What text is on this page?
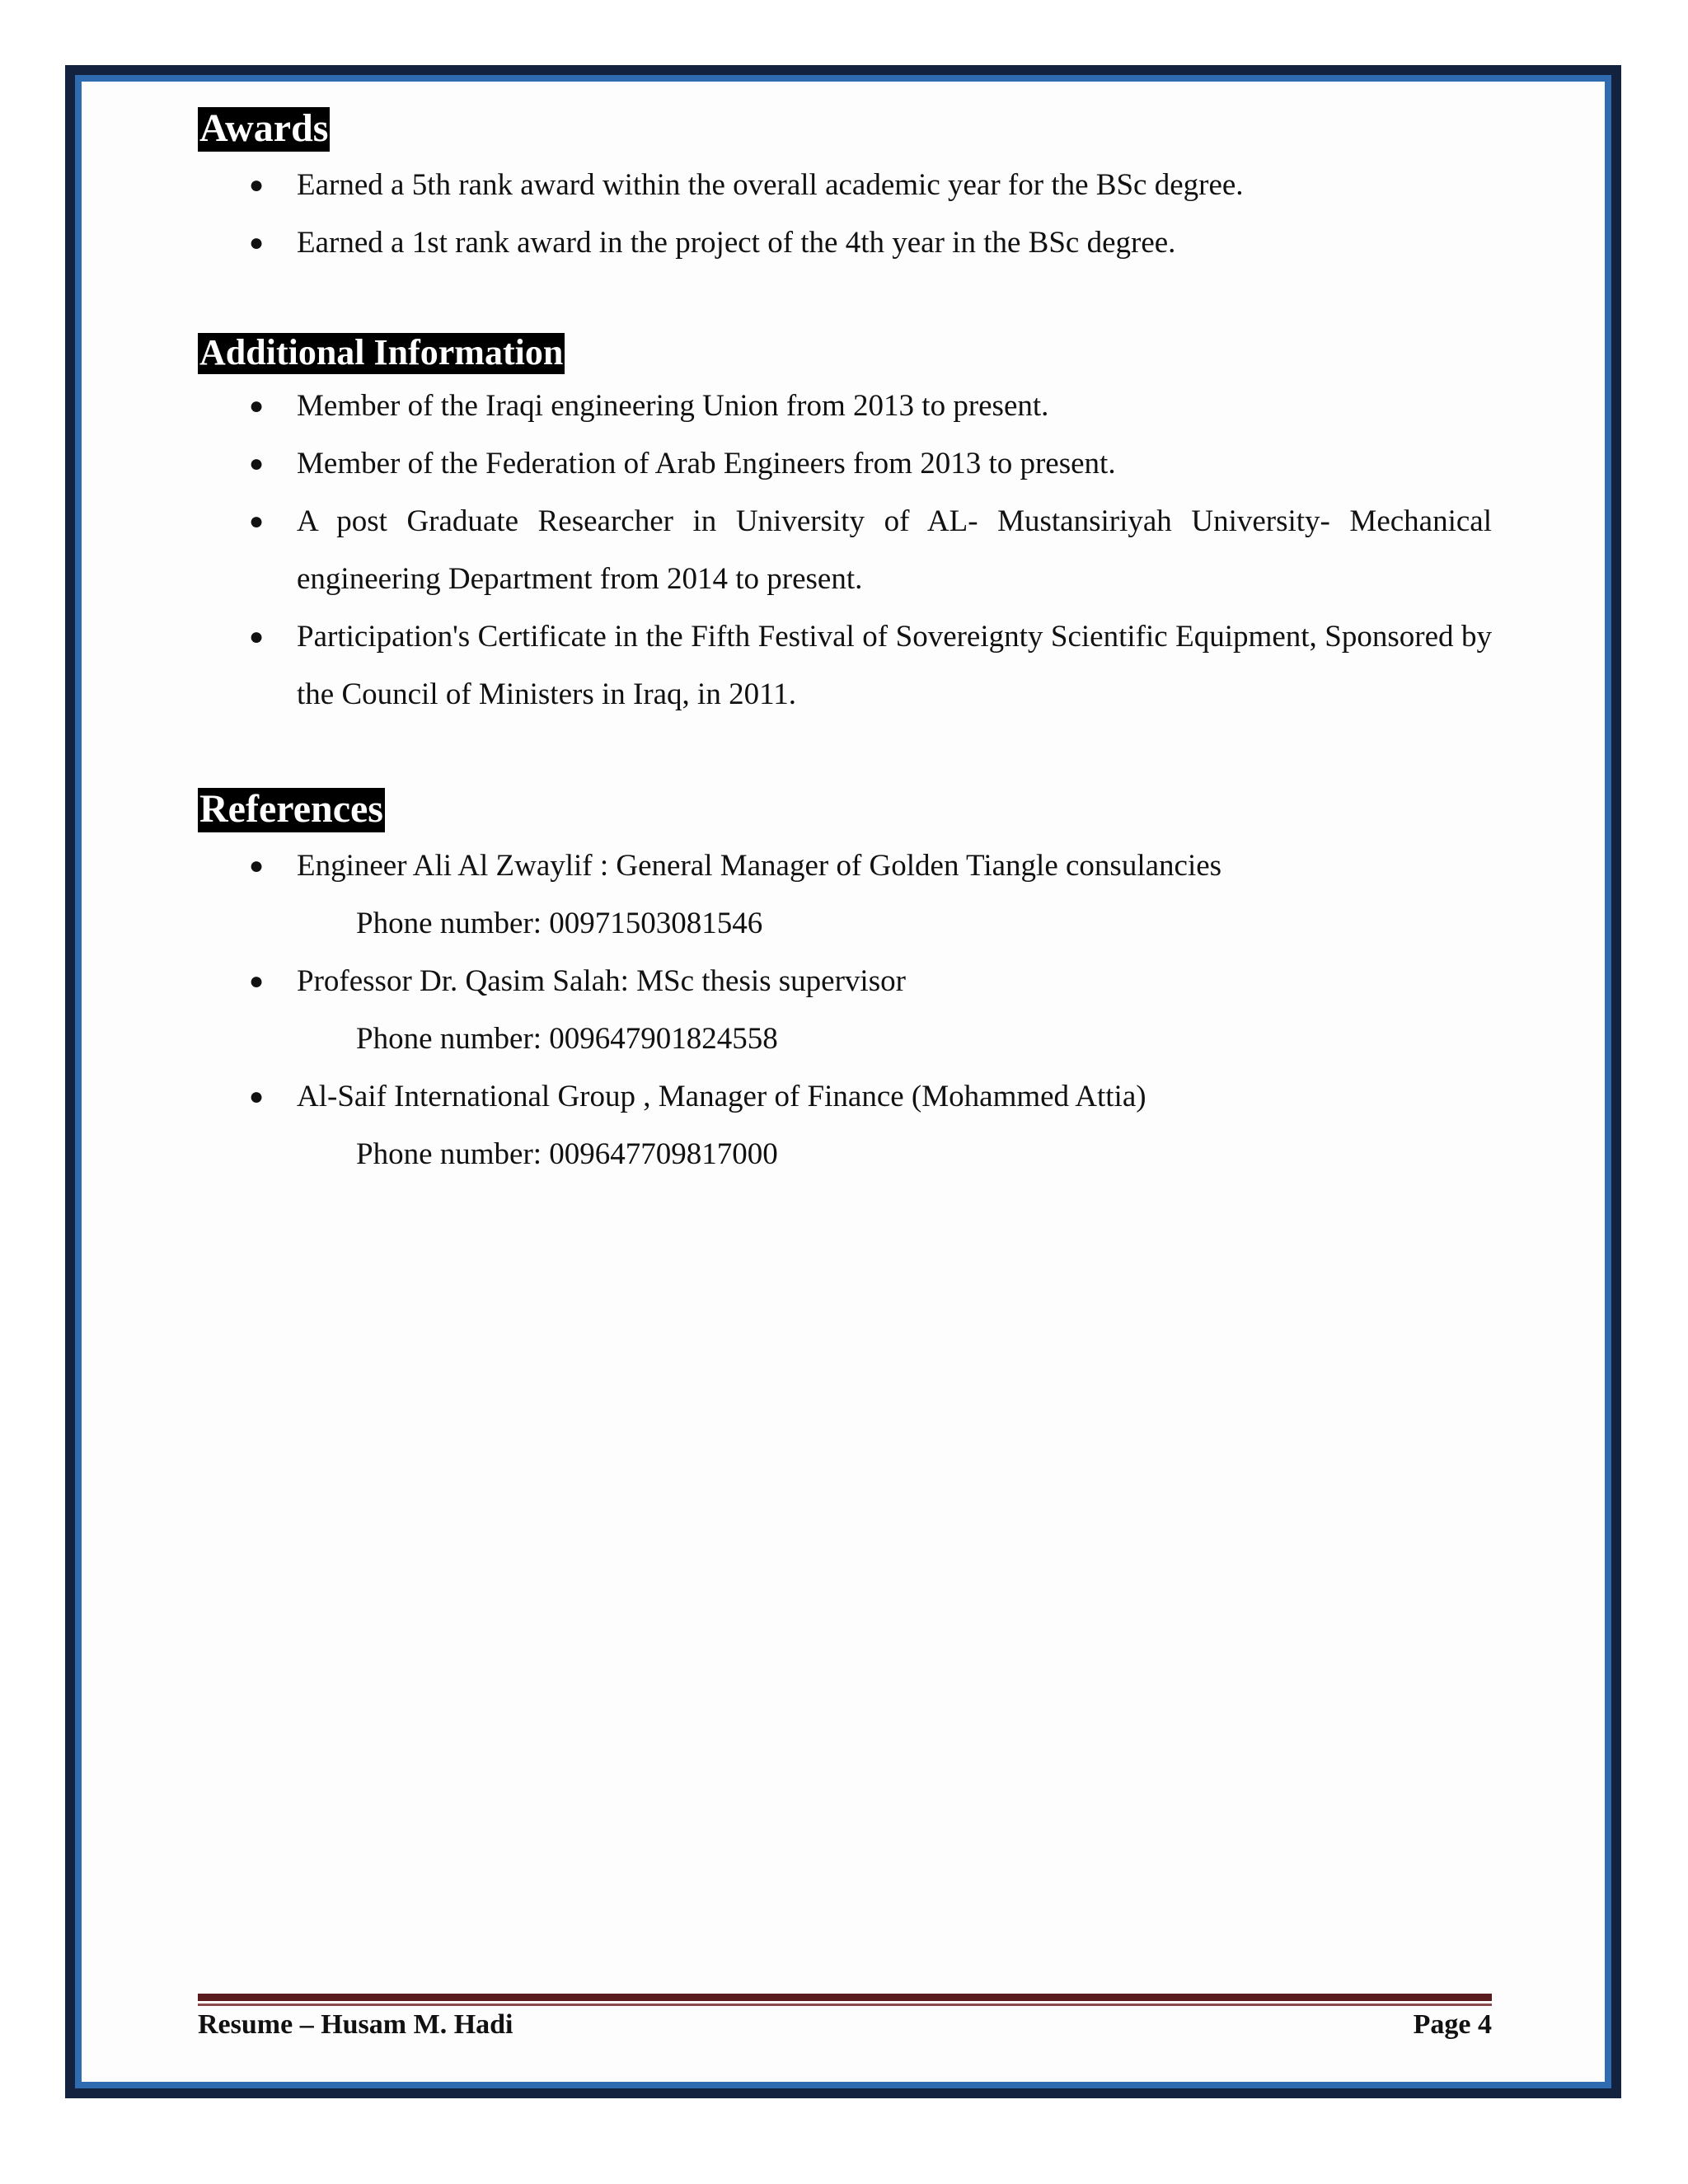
Awards
● Earned a 5th rank award within the overall academic year for the BSc degree.
● Earned a 1st rank award in the project of the 4th year in the BSc degree.
Additional Information
● Member of the Iraqi engineering Union from 2013 to present.
● Member of the Federation of Arab Engineers from 2013 to present.
● A post Graduate Researcher in University of AL- Mustansiriyah University- Mechanical engineering Department from 2014 to present.
● Participation's Certificate in the Fifth Festival of Sovereignty Scientific Equipment, Sponsored by the Council of Ministers in Iraq, in 2011.
References
● Engineer Ali Al Zwaylif : General Manager of Golden Tiangle consulancies
Phone number: 00971503081546
● Professor Dr. Qasim Salah: MSc thesis supervisor
Phone number: 009647901824558
● Al-Saif International Group , Manager of Finance (Mohammed Attia)
Phone number: 009647709817000
Resume – Husam M. Hadi	Page 4
